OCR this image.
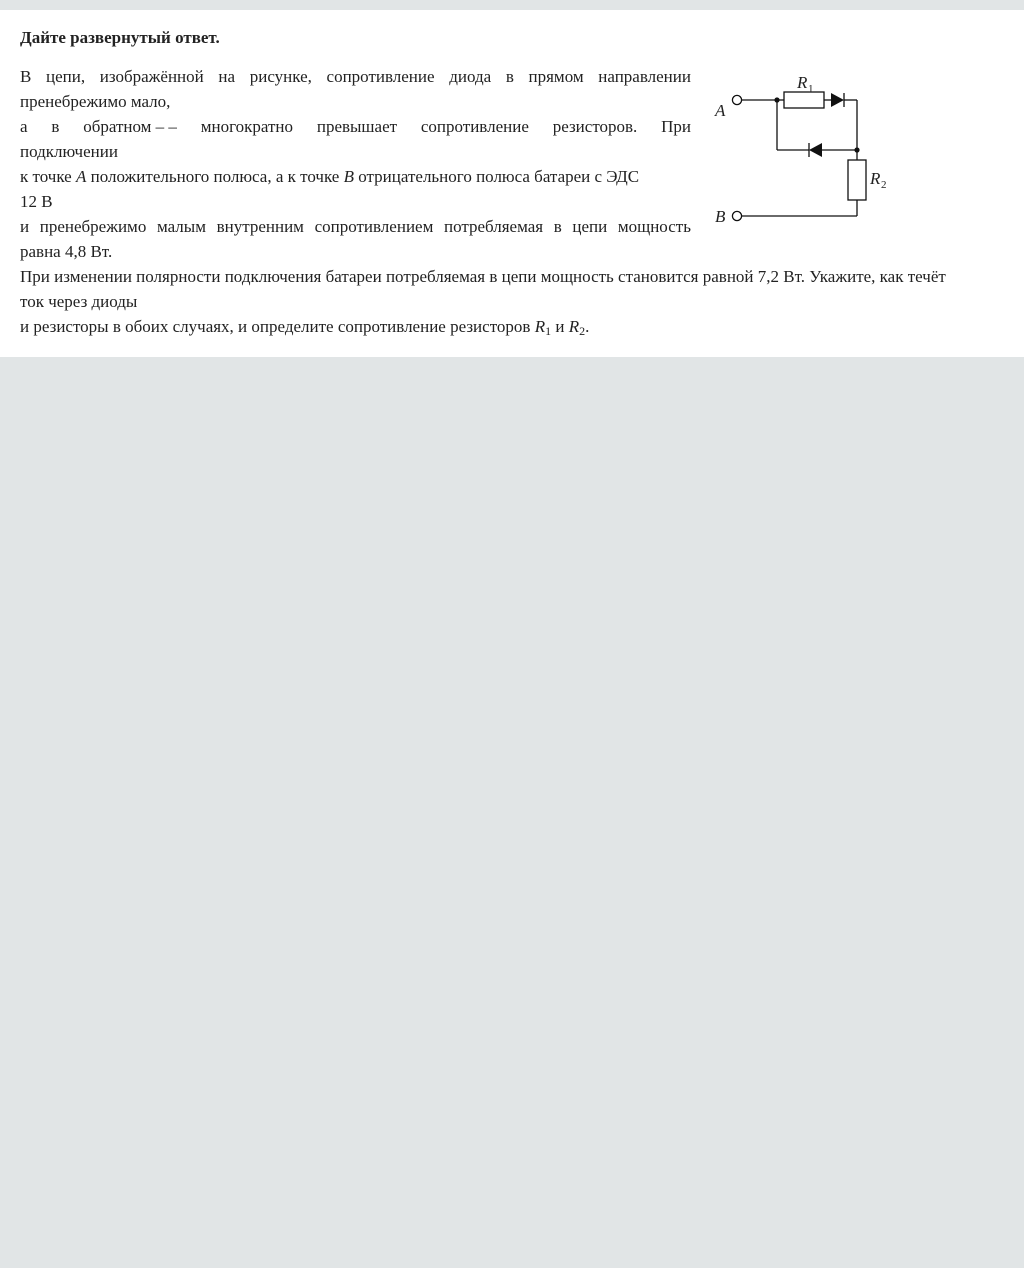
Дайте развернутый ответ.
В цепи, изображённой на рисунке, сопротивление диода в прямом направлении
пренебрежимо мало,
а в обратном – – многократно превышает сопротивление резисторов. При
подключении
к точке A положительного полюса, а к точке B отрицательного полюса батареи с ЭДС
12 В
и пренебрежимо малым внутренним сопротивлением потребляемая в цепи мощность
равна 4,8 Вт.
При изменении полярности подключения батареи потребляемая в цепи мощность становится равной 7,2 Вт. Укажите, как течёт
ток через диоды
и резисторы в обоих случаях, и определите сопротивление резисторов $R_1$ и $R_2$.
A
B
R 1
R 2
